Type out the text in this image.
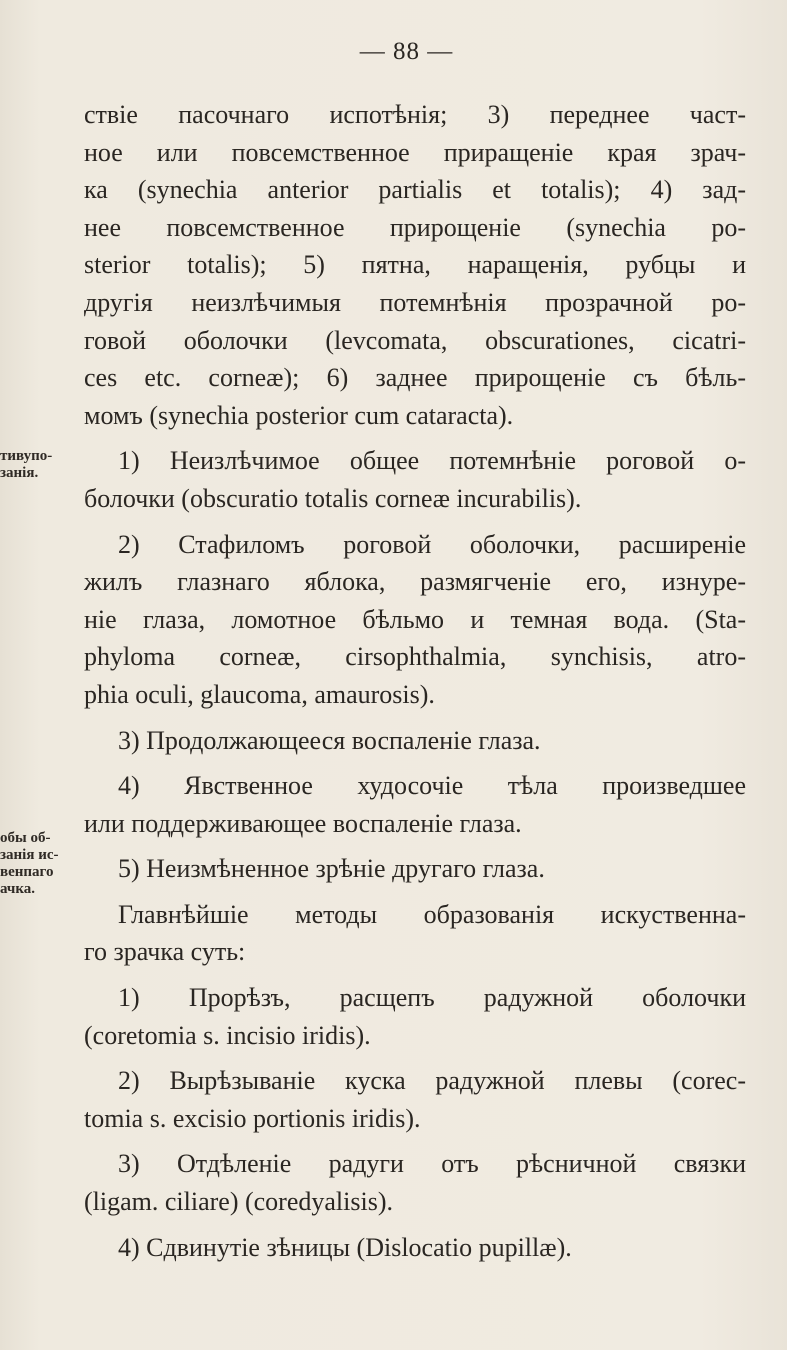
— 88 —
тивупо-
занiя.
обы об-
занiя ис-
венпаго
ачка.
ствiе пасочнаго испотѣнiя; 3) переднее част-
ное или повсемственное приращенiе края зрач-
ка (synechia anterior partialis et totalis); 4) зад-
нее повсемственное прирощенiе (synechia po-
sterior totalis); 5) пятна, наращенiя, рубцы и
другiя неизлѣчимыя потемнѣнiя прозрачной ро-
говой оболочки (levcomata, obscurationes, cicatri-
ces etc. corneæ); 6) заднее прирощенiе съ бѣль-
момъ (synechia posterior cum cataracta).
1) Неизлѣчимое общее потемнѣнiе роговой о-
болочки (obscuratio totalis corneæ incurabilis).
2) Стафиломъ роговой оболочки, расширенiе
жилъ глазнаго яблока, размягченiе его, изнуре-
нiе глаза, ломотное бѣльмо и темная вода. (Sta-
phyloma corneæ, cirsophthalmia, synchisis, atro-
phia oculi, glaucoma, amaurosis).
3) Продолжающееся воспаленiе глаза.
4) Явственное худосочiе тѣла произведшее
или поддерживающее воспаленiе глаза.
5) Неизмѣненное зрѣнiе другаго глаза.
Главнѣйшiе методы образованiя искуственна-
го зрачка суть:
1) Прорѣзъ, расщепъ радужной оболочки
(coretomia s. incisio iridis).
2) Вырѣзыванiе куска радужной плевы (corec-
tomia s. excisio portionis iridis).
3) Отдѣленiе радуги отъ рѣсничной связки
(ligam. ciliare) (coredyalisis).
4) Сдвинутiе зѣницы (Dislocatio pupillæ).
